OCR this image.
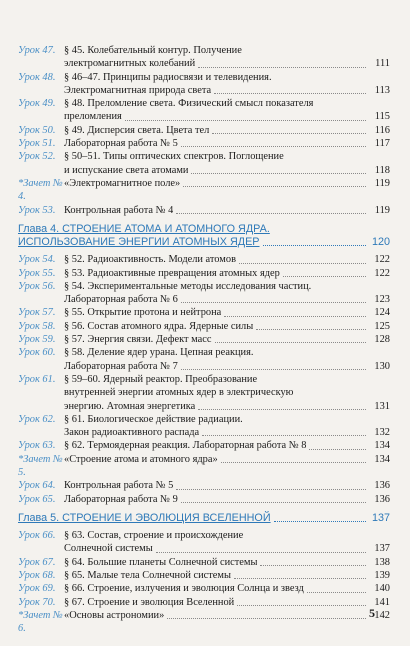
Урок 47. § 45. Колебательный контур. Получение
электромагнитных колебаний	111
Урок 48. § 46–47. Принципы радиосвязи и телевидения.
Электромагнитная природа света	113
Урок 49. § 48. Преломление света. Физический смысл показателя
преломления	115
Урок 50. § 49. Дисперсия света. Цвета тел	116
Урок 51. Лабораторная работа № 5	117
Урок 52. § 50–51. Типы оптических спектров. Поглощение
и испускание света атомами	118
*Зачет № 4.
«Электромагнитное поле»	119
Урок 53. Контрольная работа № 4	119
Глава 4. СТРОЕНИЕ АТОМА И АТОМНОГО ЯДРА.
ИСПОЛЬЗОВАНИЕ ЭНЕРГИИ АТОМНЫХ ЯДЕР	120
Урок 54. § 52. Радиоактивность. Модели атомов	122
Урок 55. § 53. Радиоактивные превращения атомных ядер	122
Урок 56. § 54. Экспериментальные методы исследования частиц.
Лабораторная работа № 6	123
Урок 57. § 55. Открытие протона и нейтрона	124
Урок 58. § 56. Состав атомного ядра. Ядерные силы	125
Урок 59. § 57. Энергия связи. Дефект масс	128
Урок 60. § 58. Деление ядер урана. Цепная реакция.
Лабораторная работа № 7	130
Урок 61. § 59–60. Ядерный реактор. Преобразование
внутренней энергии атомных ядер в электрическую
энергию. Атомная энергетика	131
Урок 62. § 61. Биологическое действие радиации.
Закон радиоактивного распада	132
Урок 63. § 62. Термоядерная реакция. Лабораторная работа № 8	134
*Зачет № 5.
«Строение атома и атомного ядра»	134
Урок 64. Контрольная работа № 5	136
Урок 65. Лабораторная работа № 9	136
Глава 5. СТРОЕНИЕ И ЭВОЛЮЦИЯ ВСЕЛЕННОЙ	137
Урок 66. § 63. Состав, строение и происхождение
Солнечной системы	137
Урок 67. § 64. Большие планеты Солнечной системы	138
Урок 68. § 65. Малые тела Солнечной системы	139
Урок 69. § 66. Строение, излучения и эволюция Солнца и звезд	140
Урок 70. § 67. Строение и эволюция Вселенной	141
*Зачет № 6.
«Основы астрономии»	142
5
